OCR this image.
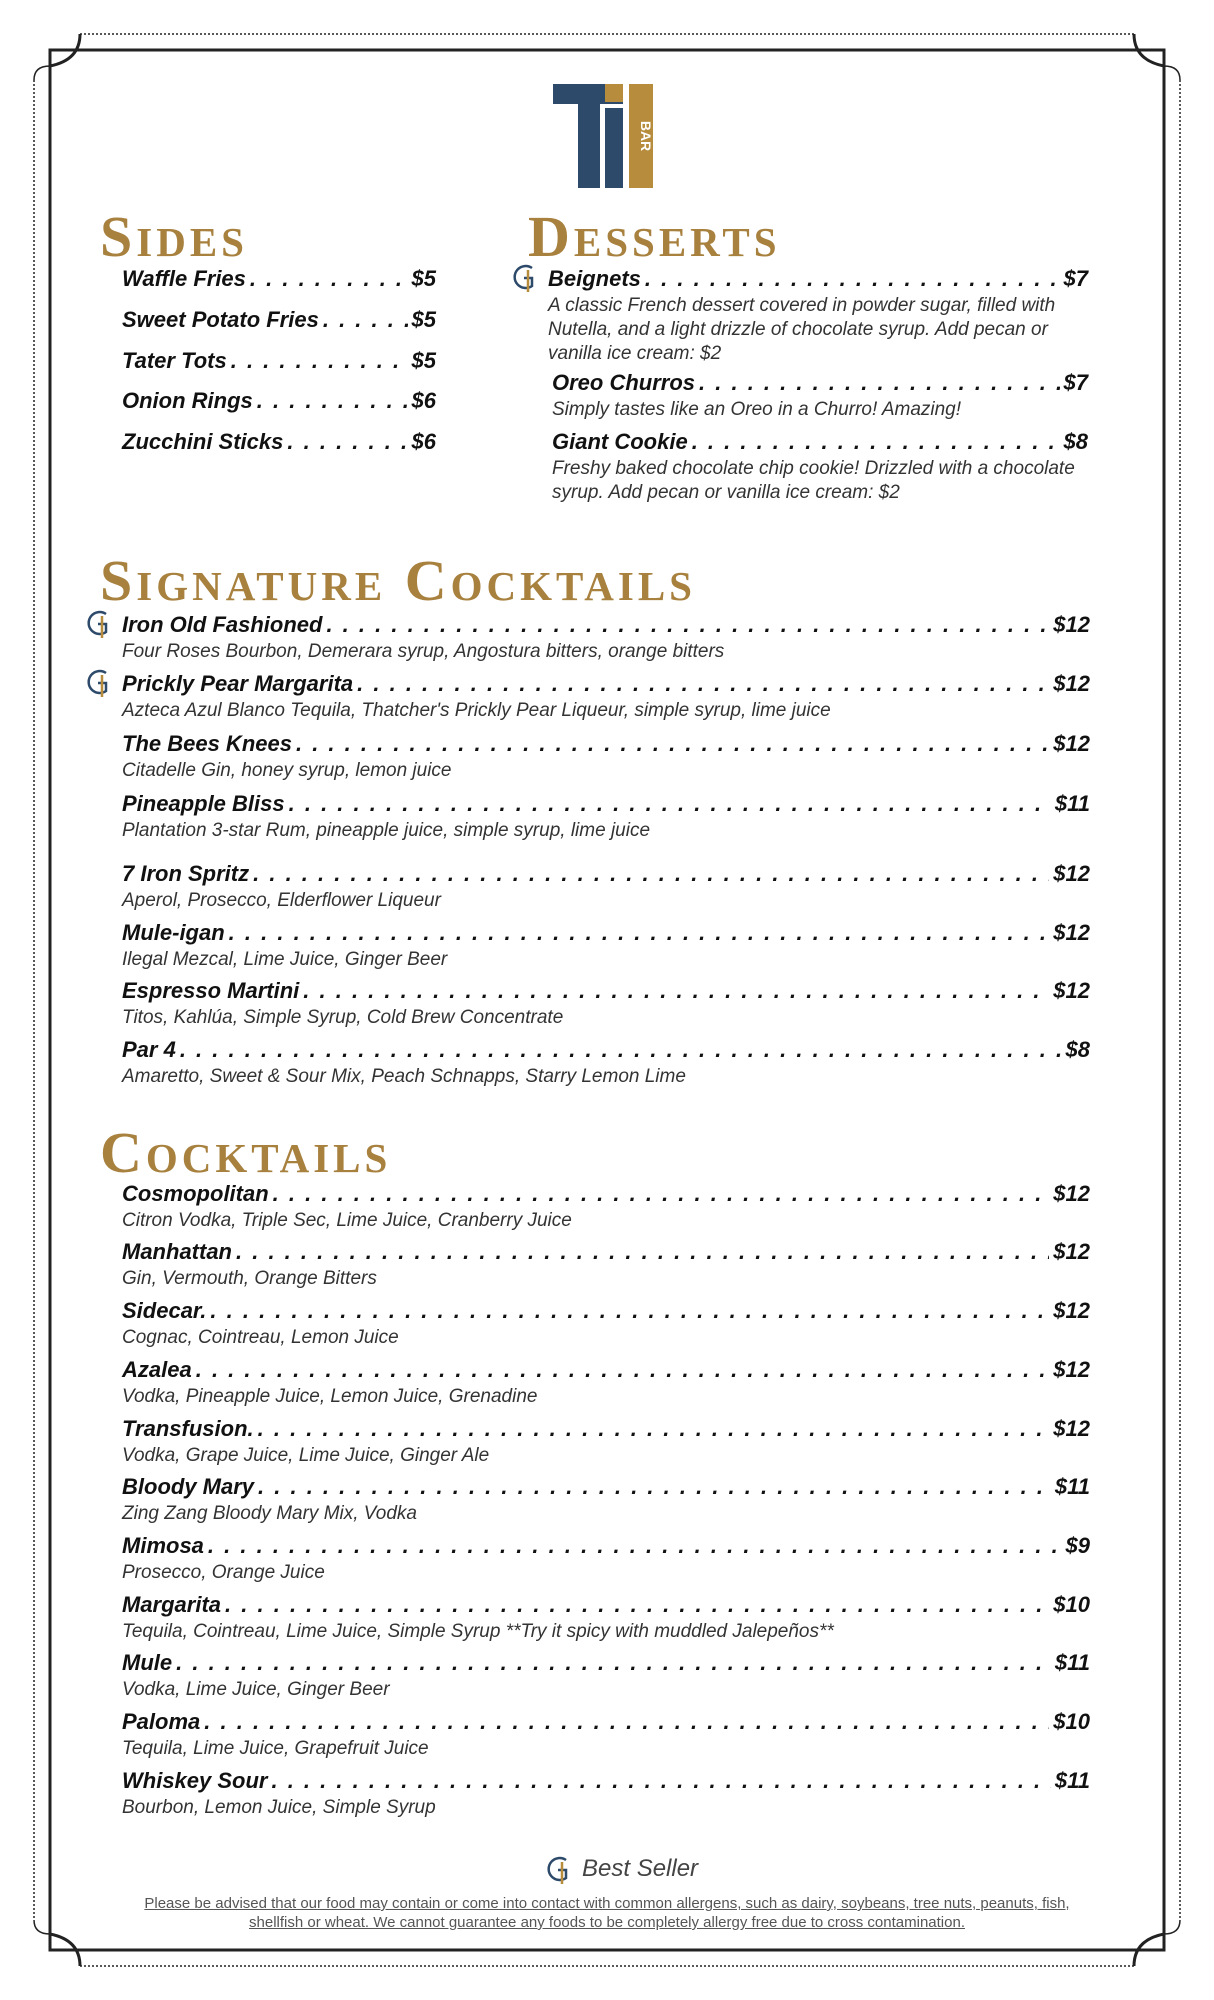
BAR
Sides	Desserts
Signature Cocktails
Cocktails
Waffle Fries . . .	$5
Sweet Potato Fries . . .	$5
Tater Tots . . .	$5
Onion Rings . . .	$6
Zucchini Sticks . . .	$6
Beignets . . .	$7
A classic French dessert covered in powder sugar, filled with Nutella, and a light drizzle of chocolate syrup. Add pecan or vanilla ice cream: $2
Oreo Churros . . .	$7
Simply tastes like an Oreo in a Churro! Amazing!
Giant Cookie . . .	$8
Freshy baked chocolate chip cookie! Drizzled with a chocolate syrup. Add pecan or vanilla ice cream: $2
Iron Old Fashioned . . .	$12
Four Roses Bourbon, Demerara syrup, Angostura bitters, orange bitters
Prickly Pear Margarita . . .	$12
Azteca Azul Blanco Tequila, Thatcher's Prickly Pear Liqueur, simple syrup, lime juice
The Bees Knees . . .	$12
Citadelle Gin, honey syrup, lemon juice
Pineapple Bliss . . .	$11
Plantation 3-star Rum, pineapple juice, simple syrup, lime juice
7 Iron Spritz . . .	$12
Aperol, Prosecco, Elderflower Liqueur
Mule-igan . . .	$12
Ilegal Mezcal, Lime Juice, Ginger Beer
Espresso Martini . . .	$12
Titos, Kahlúa, Simple Syrup, Cold Brew Concentrate
Par 4 . . .	$8
Amaretto, Sweet & Sour Mix, Peach Schnapps, Starry Lemon Lime
Cosmopolitan . . .	$12
Citron Vodka, Triple Sec, Lime Juice, Cranberry Juice
Manhattan . . .	$12
Gin, Vermouth, Orange Bitters
Sidecar. . . .	$12
Cognac, Cointreau, Lemon Juice
Azalea . . .	$12
Vodka, Pineapple Juice, Lemon Juice, Grenadine
Transfusion. . . .	$12
Vodka, Grape Juice, Lime Juice, Ginger Ale
Bloody Mary . . .	$11
Zing Zang Bloody Mary Mix, Vodka
Mimosa . . .	$9
Prosecco, Orange Juice
Margarita . . .	$10
Tequila, Cointreau, Lime Juice, Simple Syrup **Try it spicy with muddled Jalepeños**
Mule . . .	$11
Vodka, Lime Juice, Ginger Beer
Paloma . . .	$10
Tequila, Lime Juice, Grapefruit Juice
Whiskey Sour . . .	$11
Bourbon, Lemon Juice, Simple Syrup
Best Seller
Please be advised that our food may contain or come into contact with common allergens, such as dairy, soybeans, tree nuts, peanuts, fish, shellfish or wheat. We cannot guarantee any foods to be completely allergy free due to cross contamination.
